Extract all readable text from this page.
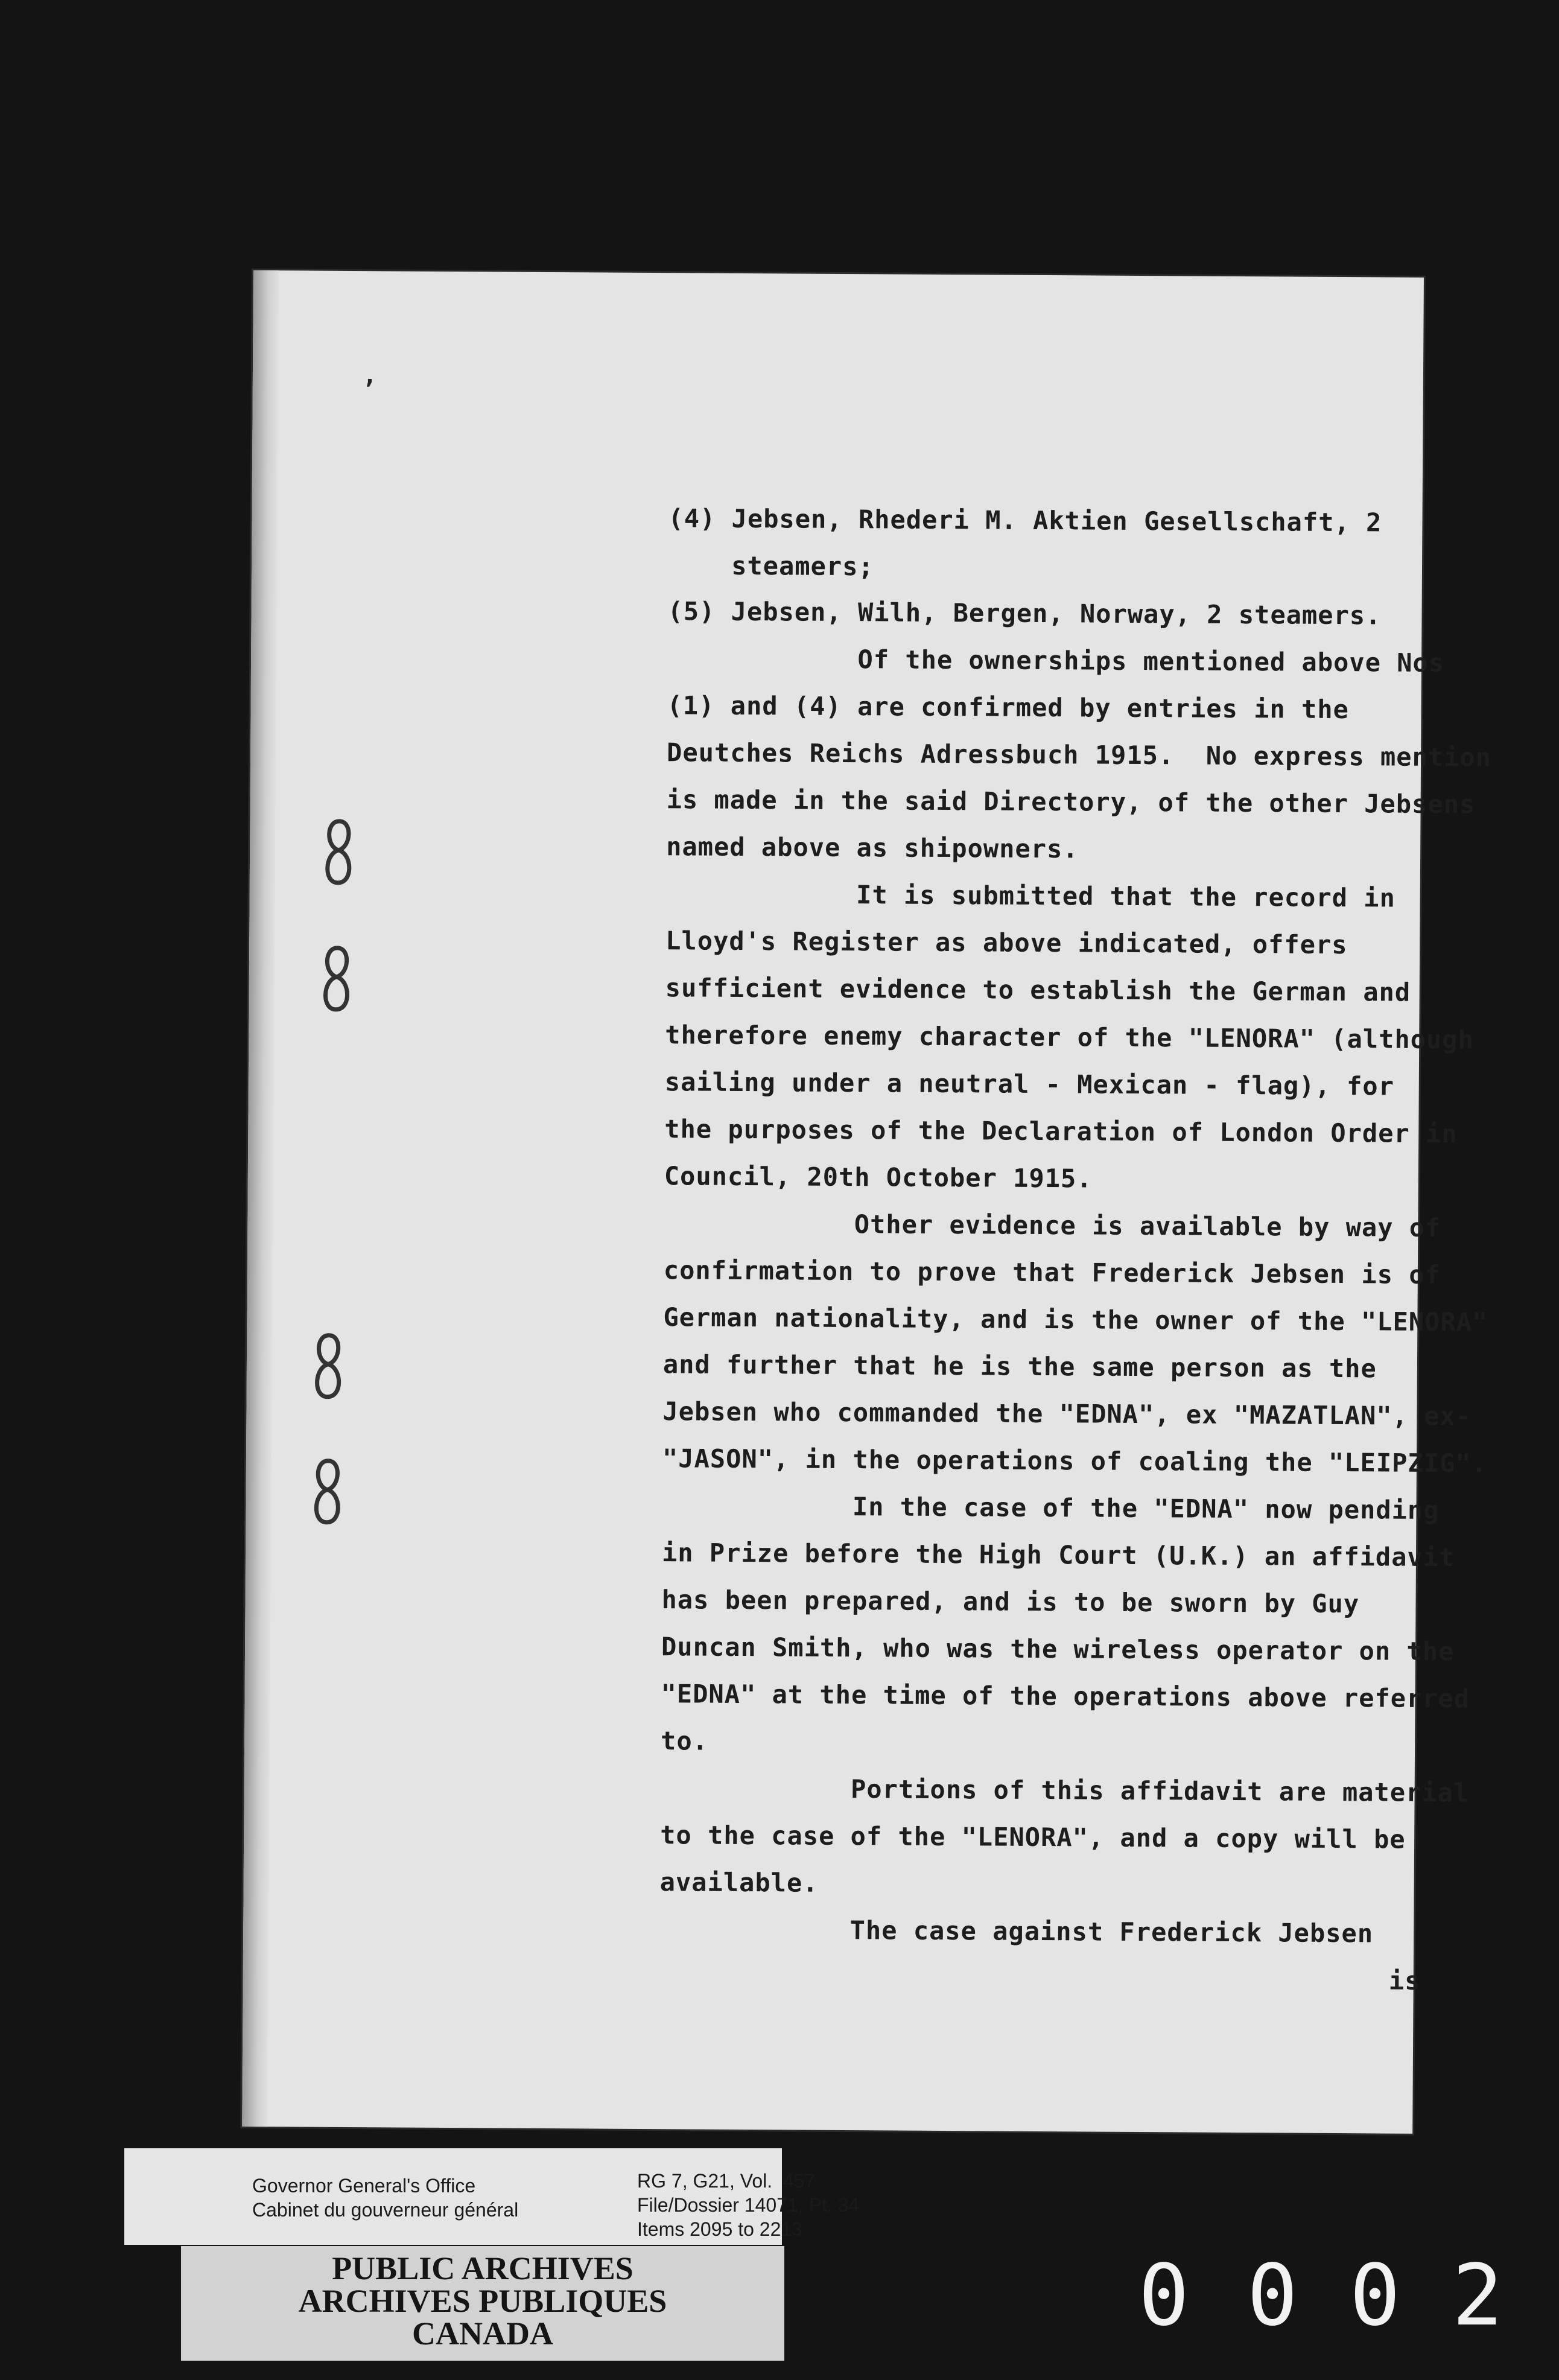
,
(4) Jebsen, Rhederi M. Aktien Gesellschaft, 2
steamers;
(5) Jebsen, Wilh, Bergen, Norway, 2 steamers.
Of the ownerships mentioned above Nos
(1) and (4) are confirmed by entries in the
Deutches Reichs Adressbuch 1915.  No express mention
is made in the said Directory, of the other Jebsens
named above as shipowners.
It is submitted that the record in
Lloyd's Register as above indicated, offers
sufficient evidence to establish the German and
therefore enemy character of the "LENORA" (although
sailing under a neutral - Mexican - flag), for
the purposes of the Declaration of London Order in
Council, 20th October 1915.
Other evidence is available by way of
confirmation to prove that Frederick Jebsen is of
German nationality, and is the owner of the "LENORA"
and further that he is the same person as the
Jebsen who commanded the "EDNA", ex "MAZATLAN", ex-
"JASON", in the operations of coaling the "LEIPZIG".
In the case of the "EDNA" now pending
in Prize before the High Court (U.K.) an affidavit
has been prepared, and is to be sworn by Guy
Duncan Smith, who was the wireless operator on the
"EDNA" at the time of the operations above referred
to.
Portions of this affidavit are material
to the case of the "LENORA", and a copy will be
available.
The case against Frederick Jebsen
is
Governor General's Office
Cabinet du gouverneur général
RG 7, G21, Vol.  457
File/Dossier 14071, Pt. 34
Items 2095 to 2213
PUBLIC ARCHIVES
ARCHIVES PUBLIQUES
CANADA	0 0 0 2
